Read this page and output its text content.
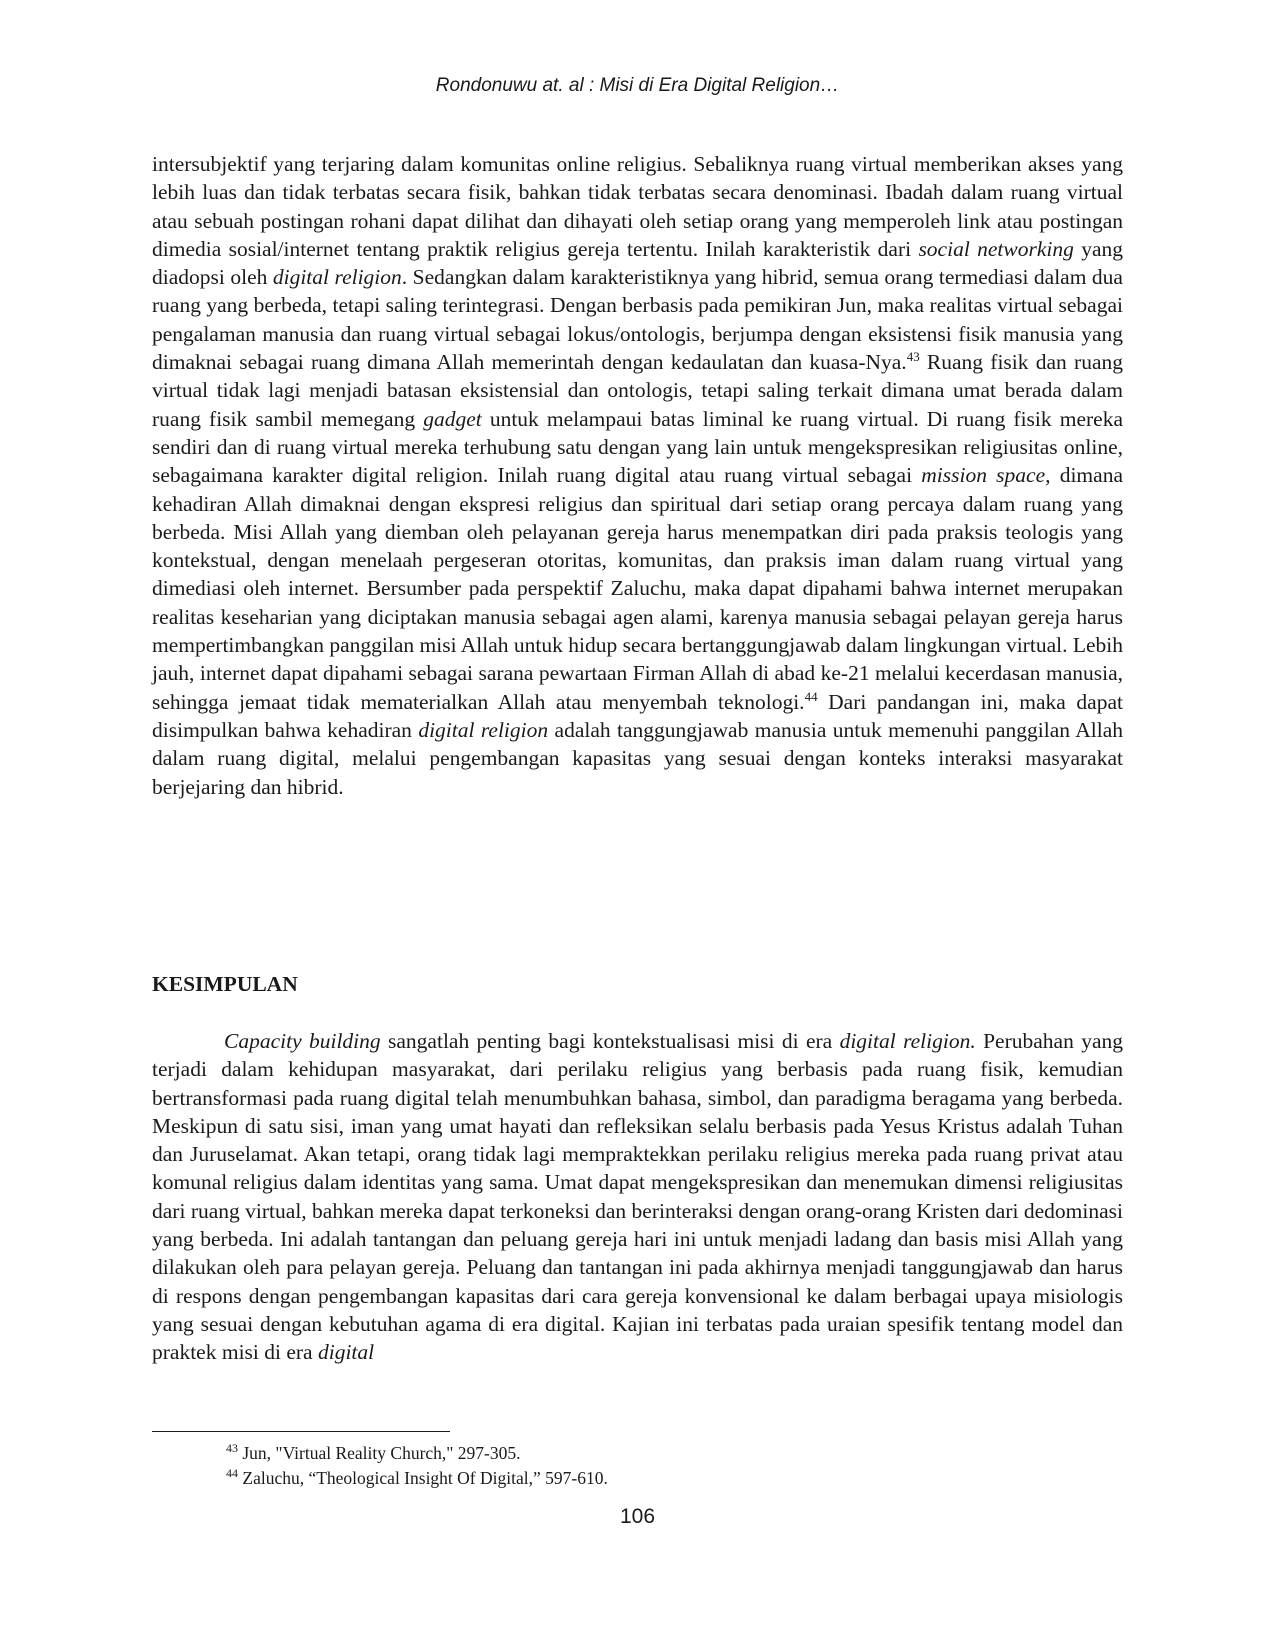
Rondonuwu at. al : Misi di Era Digital Religion…

intersubjektif yang terjaring dalam komunitas online religius. Sebaliknya ruang virtual memberikan akses yang lebih luas dan tidak terbatas secara fisik, bahkan tidak terbatas secara denominasi. Ibadah dalam ruang virtual atau sebuah postingan rohani dapat dilihat dan dihayati oleh setiap orang yang memperoleh link atau postingan dimedia sosial/internet tentang praktik religius gereja tertentu. Inilah karakteristik dari social networking yang diadopsi oleh digital religion. Sedangkan dalam karakteristiknya yang hibrid, semua orang termediasi dalam dua ruang yang berbeda, tetapi saling terintegrasi. Dengan berbasis pada pemikiran Jun, maka realitas virtual sebagai pengalaman manusia dan ruang virtual sebagai lokus/ontologis, berjumpa dengan eksistensi fisik manusia yang dimaknai sebagai ruang dimana Allah memerintah dengan kedaulatan dan kuasa-Nya.$^{43}$ Ruang fisik dan ruang virtual tidak lagi menjadi batasan eksistensial dan ontologis, tetapi saling terkait dimana umat berada dalam ruang fisik sambil memegang gadget untuk melampaui batas liminal ke ruang virtual. Di ruang fisik mereka sendiri dan di ruang virtual mereka terhubung satu dengan yang lain untuk mengekspresikan religiusitas online, sebagaimana karakter digital religion. Inilah ruang digital atau ruang virtual sebagai mission space, dimana kehadiran Allah dimaknai dengan ekspresi religius dan spiritual dari setiap orang percaya dalam ruang yang berbeda. Misi Allah yang diemban oleh pelayanan gereja harus menempatkan diri pada praksis teologis yang kontekstual, dengan menelaah pergeseran otoritas, komunitas, dan praksis iman dalam ruang virtual yang dimediasi oleh internet. Bersumber pada perspektif Zaluchu, maka dapat dipahami bahwa internet merupakan realitas keseharian yang diciptakan manusia sebagai agen alami, karenya manusia sebagai pelayan gereja harus mempertimbangkan panggilan misi Allah untuk hidup secara bertanggungjawab dalam lingkungan virtual. Lebih jauh, internet dapat dipahami sebagai sarana pewartaan Firman Allah di abad ke-21 melalui kecerdasan manusia, sehingga jemaat tidak mematerialkan Allah atau menyembah teknologi.$^{44}$ Dari pandangan ini, maka dapat disimpulkan bahwa kehadiran digital religion adalah tanggungjawab manusia untuk memenuhi panggilan Allah dalam ruang digital, melalui pengembangan kapasitas yang sesuai dengan konteks interaksi masyarakat berjejaring dan hibrid.

KESIMPULAN

Capacity building sangatlah penting bagi kontekstualisasi misi di era digital religion. Perubahan yang terjadi dalam kehidupan masyarakat, dari perilaku religius yang berbasis pada ruang fisik, kemudian bertransformasi pada ruang digital telah menumbuhkan bahasa, simbol, dan paradigma beragama yang berbeda. Meskipun di satu sisi, iman yang umat hayati dan refleksikan selalu berbasis pada Yesus Kristus adalah Tuhan dan Juruselamat. Akan tetapi, orang tidak lagi mempraktekkan perilaku religius mereka pada ruang privat atau komunal religius dalam identitas yang sama. Umat dapat mengekspresikan dan menemukan dimensi religiusitas dari ruang virtual, bahkan mereka dapat terkoneksi dan berinteraksi dengan orang-orang Kristen dari dedominasi yang berbeda. Ini adalah tantangan dan peluang gereja hari ini untuk menjadi ladang dan basis misi Allah yang dilakukan oleh para pelayan gereja. Peluang dan tantangan ini pada akhirnya menjadi tanggungjawab dan harus di respons dengan pengembangan kapasitas dari cara gereja konvensional ke dalam berbagai upaya misiologis yang sesuai dengan kebutuhan agama di era digital. Kajian ini terbatas pada uraian spesifik tentang model dan praktek misi di era digital

$^{43}$ Jun, "Virtual Reality Church," 297-305.
$^{44}$ Zaluchu, “Theological Insight Of Digital,” 597-610.
106
